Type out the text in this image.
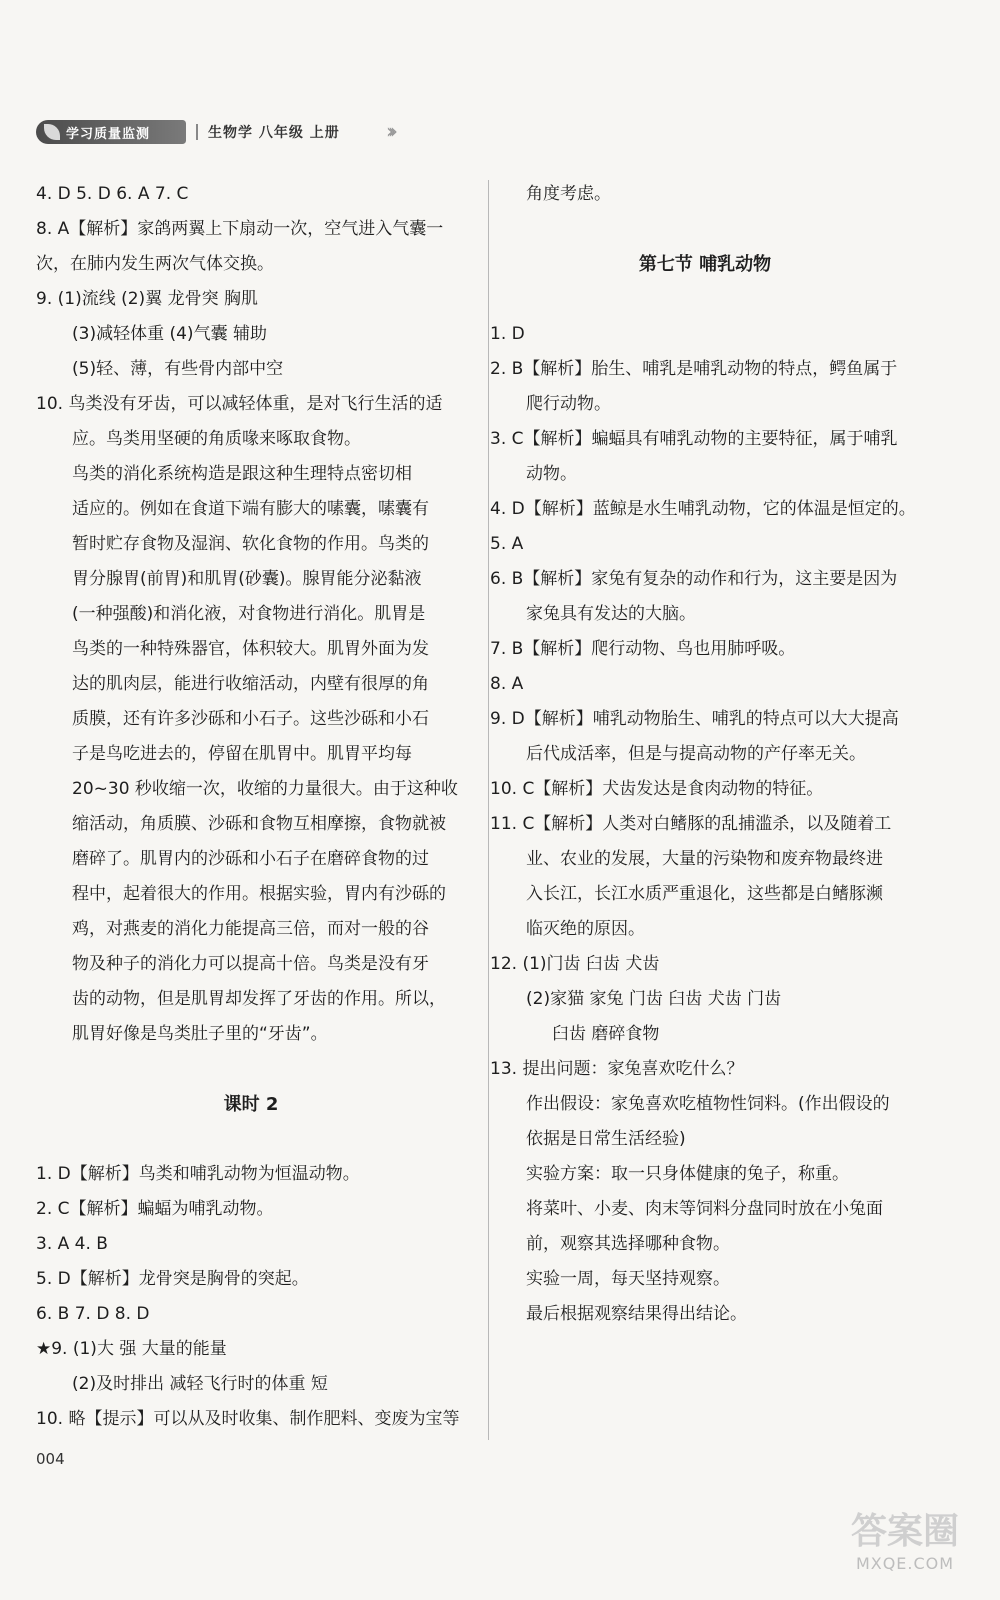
学习质量监测	生物学 八年级 上册 ›››
4. D 5. D 6. A 7. C
8. A【解析】家鸽两翼上下扇动一次，空气进入气囊一
次，在肺内发生两次气体交换。
9. (1)流线 (2)翼 龙骨突 胸肌
(3)减轻体重 (4)气囊 辅助
(5)轻、薄，有些骨内部中空
10. 鸟类没有牙齿，可以减轻体重，是对飞行生活的适
应。鸟类用坚硬的角质喙来啄取食物。
鸟类的消化系统构造是跟这种生理特点密切相
适应的。例如在食道下端有膨大的嗉囊，嗉囊有
暂时贮存食物及湿润、软化食物的作用。鸟类的
胃分腺胃(前胃)和肌胃(砂囊)。腺胃能分泌黏液
(一种强酸)和消化液，对食物进行消化。肌胃是
鸟类的一种特殊器官，体积较大。肌胃外面为发
达的肌肉层，能进行收缩活动，内壁有很厚的角
质膜，还有许多沙砾和小石子。这些沙砾和小石
子是鸟吃进去的，停留在肌胃中。肌胃平均每
20~30 秒收缩一次，收缩的力量很大。由于这种收
缩活动，角质膜、沙砾和食物互相摩擦，食物就被
磨碎了。肌胃内的沙砾和小石子在磨碎食物的过
程中，起着很大的作用。根据实验，胃内有沙砾的
鸡，对燕麦的消化力能提高三倍，而对一般的谷
物及种子的消化力可以提高十倍。鸟类是没有牙
齿的动物，但是肌胃却发挥了牙齿的作用。所以，
肌胃好像是鸟类肚子里的“牙齿”。
课时 2
1. D【解析】鸟类和哺乳动物为恒温动物。
2. C【解析】蝙蝠为哺乳动物。
3. A 4. B
5. D【解析】龙骨突是胸骨的突起。
6. B 7. D 8. D
★9. (1)大 强 大量的能量
(2)及时排出 减轻飞行时的体重 短
10. 略【提示】可以从及时收集、制作肥料、变废为宝等
角度考虑。
第七节 哺乳动物
1. D
2. B【解析】胎生、哺乳是哺乳动物的特点，鳄鱼属于
爬行动物。
3. C【解析】蝙蝠具有哺乳动物的主要特征，属于哺乳
动物。
4. D【解析】蓝鲸是水生哺乳动物，它的体温是恒定的。
5. A
6. B【解析】家兔有复杂的动作和行为，这主要是因为
家兔具有发达的大脑。
7. B【解析】爬行动物、鸟也用肺呼吸。
8. A
9. D【解析】哺乳动物胎生、哺乳的特点可以大大提高
后代成活率，但是与提高动物的产仔率无关。
10. C【解析】犬齿发达是食肉动物的特征。
11. C【解析】人类对白鳍豚的乱捕滥杀，以及随着工
业、农业的发展，大量的污染物和废弃物最终进
入长江，长江水质严重退化，这些都是白鳍豚濒
临灭绝的原因。
12. (1)门齿 臼齿 犬齿
(2)家猫 家兔 门齿 臼齿 犬齿 门齿
臼齿 磨碎食物
13. 提出问题：家兔喜欢吃什么？
作出假设：家兔喜欢吃植物性饲料。(作出假设的
依据是日常生活经验)
实验方案：取一只身体健康的兔子，称重。
将菜叶、小麦、肉末等饲料分盘同时放在小兔面
前，观察其选择哪种食物。
实验一周，每天坚持观察。
最后根据观察结果得出结论。
004
答案圈
MXQE.COM
